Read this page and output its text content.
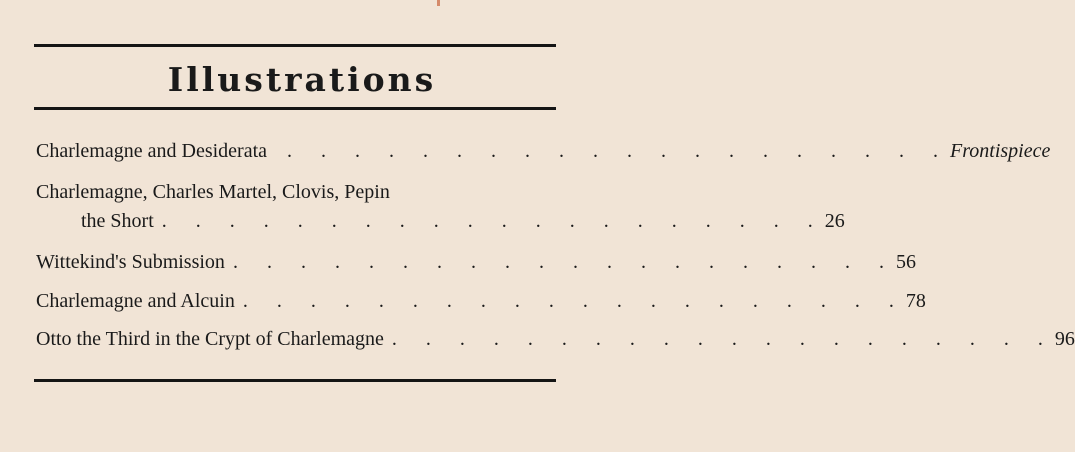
Illustrations
Charlemagne and Desiderata	. . . . . . . . . . . . . . . . . . . . Frontispiece
Charlemagne, Charles Martel, Clovis, Pepin
the Short . . . . . . . . . . . . . . . . . . . . 26
Wittekind's Submission . . . . . . . . . . . . . . . . . . . . 56
Charlemagne and Alcuin . . . . . . . . . . . . . . . . . . . . 78
Otto the Third in the Crypt of Charlemagne . . . . . . . . . . . . . . . . . . . . 96
